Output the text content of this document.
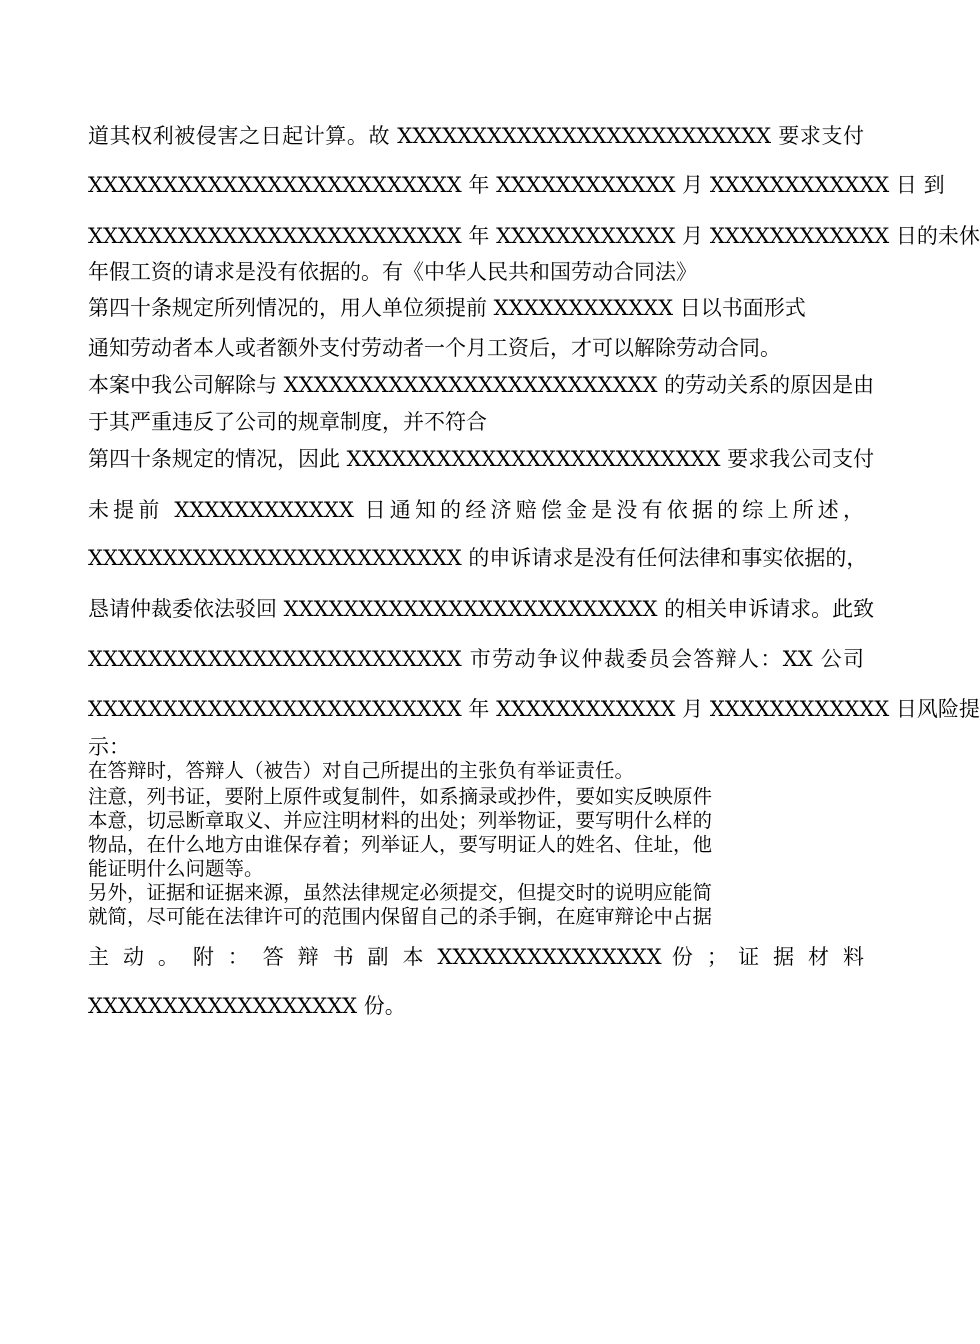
道其权利被侵害之日起计算。故 XXXXXXXXXXXXXXXXXXXXXXXXX 要求支付
XXXXXXXXXXXXXXXXXXXXXXXXX 年 XXXXXXXXXXXX 月 XXXXXXXXXXXX 日 到
XXXXXXXXXXXXXXXXXXXXXXXXX 年 XXXXXXXXXXXX 月 XXXXXXXXXXXX 日的未休
年假工资的请求是没有依据的。有《中华人民共和国劳动合同法》
第四十条规定所列情况的，用人单位须提前 XXXXXXXXXXXX 日以书面形式
通知劳动者本人或者额外支付劳动者一个月工资后，才可以解除劳动合同。
本案中我公司解除与 XXXXXXXXXXXXXXXXXXXXXXXXX 的劳动关系的原因是由
于其严重违反了公司的规章制度，并不符合
第四十条规定的情况，因此 XXXXXXXXXXXXXXXXXXXXXXXXX 要求我公司支付
未提前 XXXXXXXXXXXX 日通知的经济赔偿金是没有依据的综上所述，
XXXXXXXXXXXXXXXXXXXXXXXXX 的申诉请求是没有任何法律和事实依据的，
恳请仲裁委依法驳回 XXXXXXXXXXXXXXXXXXXXXXXXX 的相关申诉请求。此致
XXXXXXXXXXXXXXXXXXXXXXXXX 市劳动争议仲裁委员会答辩人：XX 公司
XXXXXXXXXXXXXXXXXXXXXXXXX 年 XXXXXXXXXXXX 月 XXXXXXXXXXXX 日风险提
示：
在答辩时，答辩人（被告）对自己所提出的主张负有举证责任。
注意，列书证，要附上原件或复制件，如系摘录或抄件，要如实反映原件
本意，切忌断章取义、并应注明材料的出处；列举物证，要写明什么样的
物品，在什么地方由谁保存着；列举证人，要写明证人的姓名、住址，他
能证明什么问题等。
另外，证据和证据来源，虽然法律规定必须提交，但提交时的说明应能简
就简，尽可能在法律许可的范围内保留自己的杀手锏，在庭审辩论中占据
主 动 。 附 ： 答 辩 书 副 本 XXXXXXXXXXXXXXX 份 ； 证 据 材 料
XXXXXXXXXXXXXXXXXX 份。
